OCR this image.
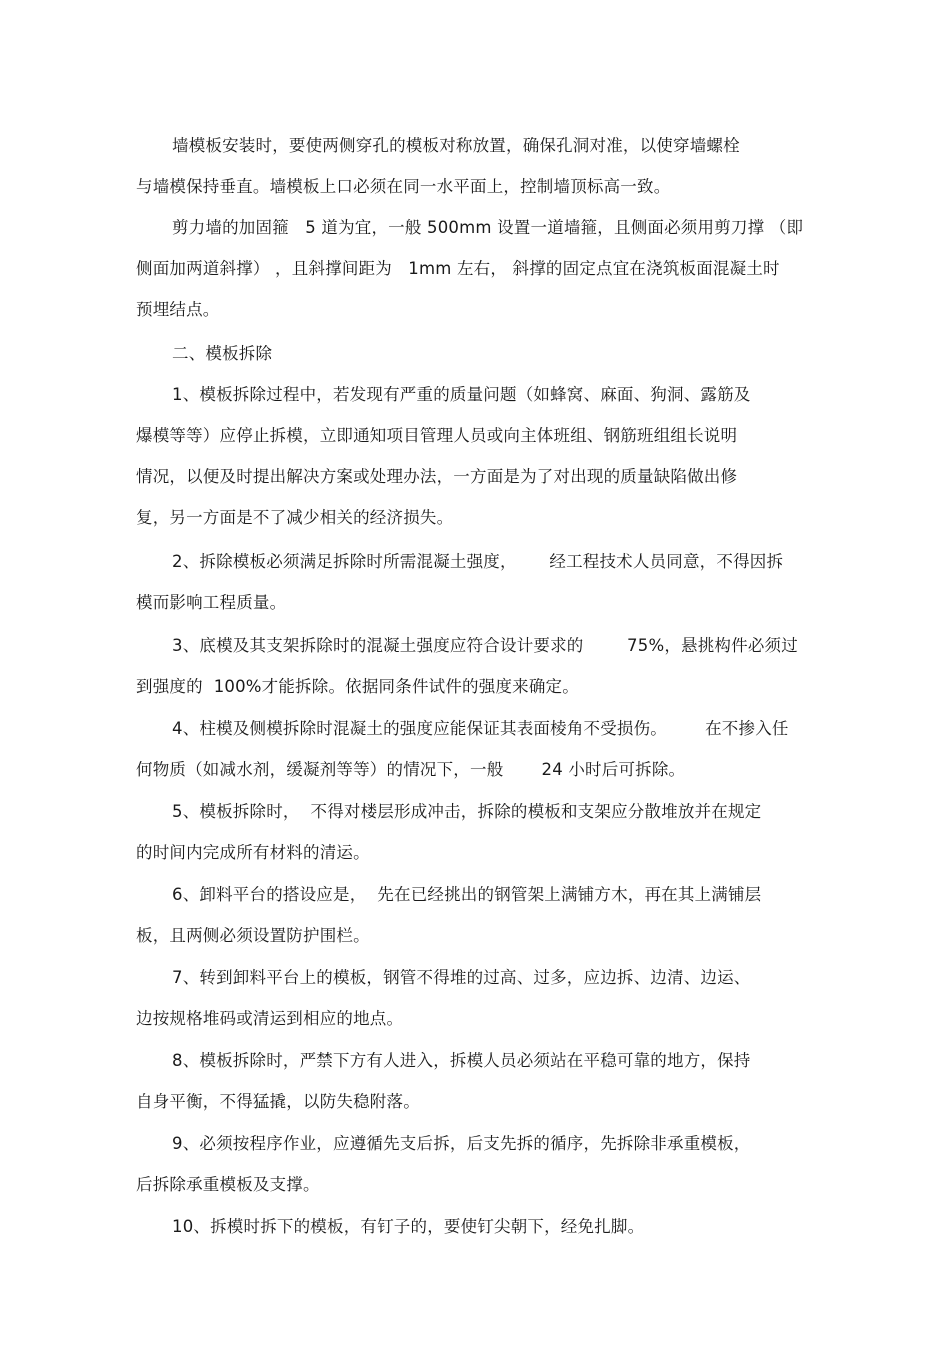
墙模板安装时，要使两侧穿孔的模板对称放置，确保孔洞对准，以使穿墙螺栓
与墙模保持垂直。墙模板上口必须在同一水平面上，控制墙顶标高一致。
剪力墙的加固箍   5 道为宜，一般 500mm 设置一道墙箍，且侧面必须用剪刀撑 （即
侧面加两道斜撑） ，且斜撑间距为   1mm 左右， 斜撑的固定点宜在浇筑板面混凝土时
预埋结点。
二、模板拆除
1、模板拆除过程中，若发现有严重的质量问题（如蜂窝、麻面、狗洞、露筋及
爆模等等）应停止拆模，立即通知项目管理人员或向主体班组、钢筋班组组长说明
情况，以便及时提出解决方案或处理办法，一方面是为了对出现的质量缺陷做出修
复，另一方面是不了减少相关的经济损失。
2、拆除模板必须满足拆除时所需混凝土强度，      经工程技术人员同意，不得因拆
模而影响工程质量。
3、底模及其支架拆除时的混凝土强度应符合设计要求的        75%，悬挑构件必须过
到强度的  100%才能拆除。依据同条件试件的强度来确定。
4、柱模及侧模拆除时混凝土的强度应能保证其表面棱角不受损伤。       在不掺入任
何物质（如减水剂，缓凝剂等等）的情况下，一般       24 小时后可拆除。
5、模板拆除时，  不得对楼层形成冲击，拆除的模板和支架应分散堆放并在规定
的时间内完成所有材料的清运。
6、卸料平台的搭设应是，  先在已经挑出的钢管架上满铺方木，再在其上满铺层
板，且两侧必须设置防护围栏。
7、转到卸料平台上的模板，钢管不得堆的过高、过多，应边拆、边清、边运、
边按规格堆码或清运到相应的地点。
8、模板拆除时，严禁下方有人进入，拆模人员必须站在平稳可靠的地方，保持
自身平衡，不得猛撬，以防失稳附落。
9、必须按程序作业，应遵循先支后拆，后支先拆的循序，先拆除非承重模板，
后拆除承重模板及支撑。
10、拆模时拆下的模板，有钉子的，要使钉尖朝下，经免扎脚。
